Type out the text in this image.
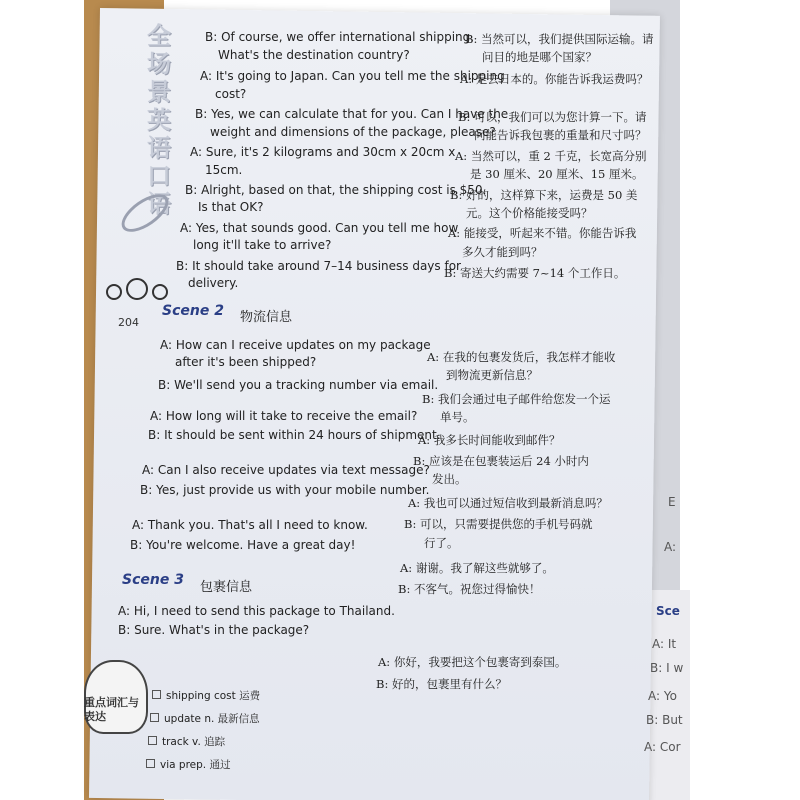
全场景英语口语
204
B: Of course, we offer international shipping.
B: 当然可以，我们提供国际运输。请
What's the destination country?	问目的地是哪个国家？
A: It's going to Japan. Can you tell me the shipping
A: 是去日本的。你能告诉我运费吗？
cost?
B: Yes, we can calculate that for you. Can I have the
B: 可以，我们可以为您计算一下。请
weight and dimensions of the package, please?
问能告诉我包裹的重量和尺寸吗？
A: Sure, it's 2 kilograms and 30cm x 20cm x A: 当然可以，重 2 千克，长宽高分别
15cm.	是 30 厘米、20 厘米、15 厘米。
B: Alright, based on that, the shipping cost is $50.
B: 好的，这样算下来，运费是 50 美
Is that OK?	元。这个价格能接受吗？
A: Yes, that sounds good. Can you tell me how
A: 能接受，听起来不错。你能告诉我
long it'll take to arrive?	多久才能到吗？
B: It should take around 7–14 business days for
B: 寄送大约需要 7~14 个工作日。
delivery.
Scene 2 物流信息
A: How can I receive updates on my package
after it's been shipped?
B: We'll send you a tracking number via email.
A: How long will it take to receive the email?
B: It should be sent within 24 hours of shipment.
A: Can I also receive updates via text message?
B: Yes, just provide us with your mobile number.
A: Thank you. That's all I need to know.
B: You're welcome. Have a great day!
A: 在我的包裹发货后，我怎样才能收
到物流更新信息？
B: 我们会通过电子邮件给您发一个运
单号。
A: 我多长时间能收到邮件？
B: 应该是在包裹装运后 24 小时内
发出。
A: 我也可以通过短信收到最新消息吗？
B: 可以，只需要提供您的手机号码就
行了。
A: 谢谢。我了解这些就够了。
B: 不客气。祝您过得愉快！
Scene 3 包裹信息
A: Hi, I need to send this package to Thailand.
B: Sure. What's in the package?
A: 你好，我要把这个包裹寄到泰国。
B: 好的，包裹里有什么？
重点词汇与表达
shipping cost 运费
update n. 最新信息
track v. 追踪
via prep. 通过
E
A:
Sce
A: It
B: I w
A: Yo
B: But
A: Cor
